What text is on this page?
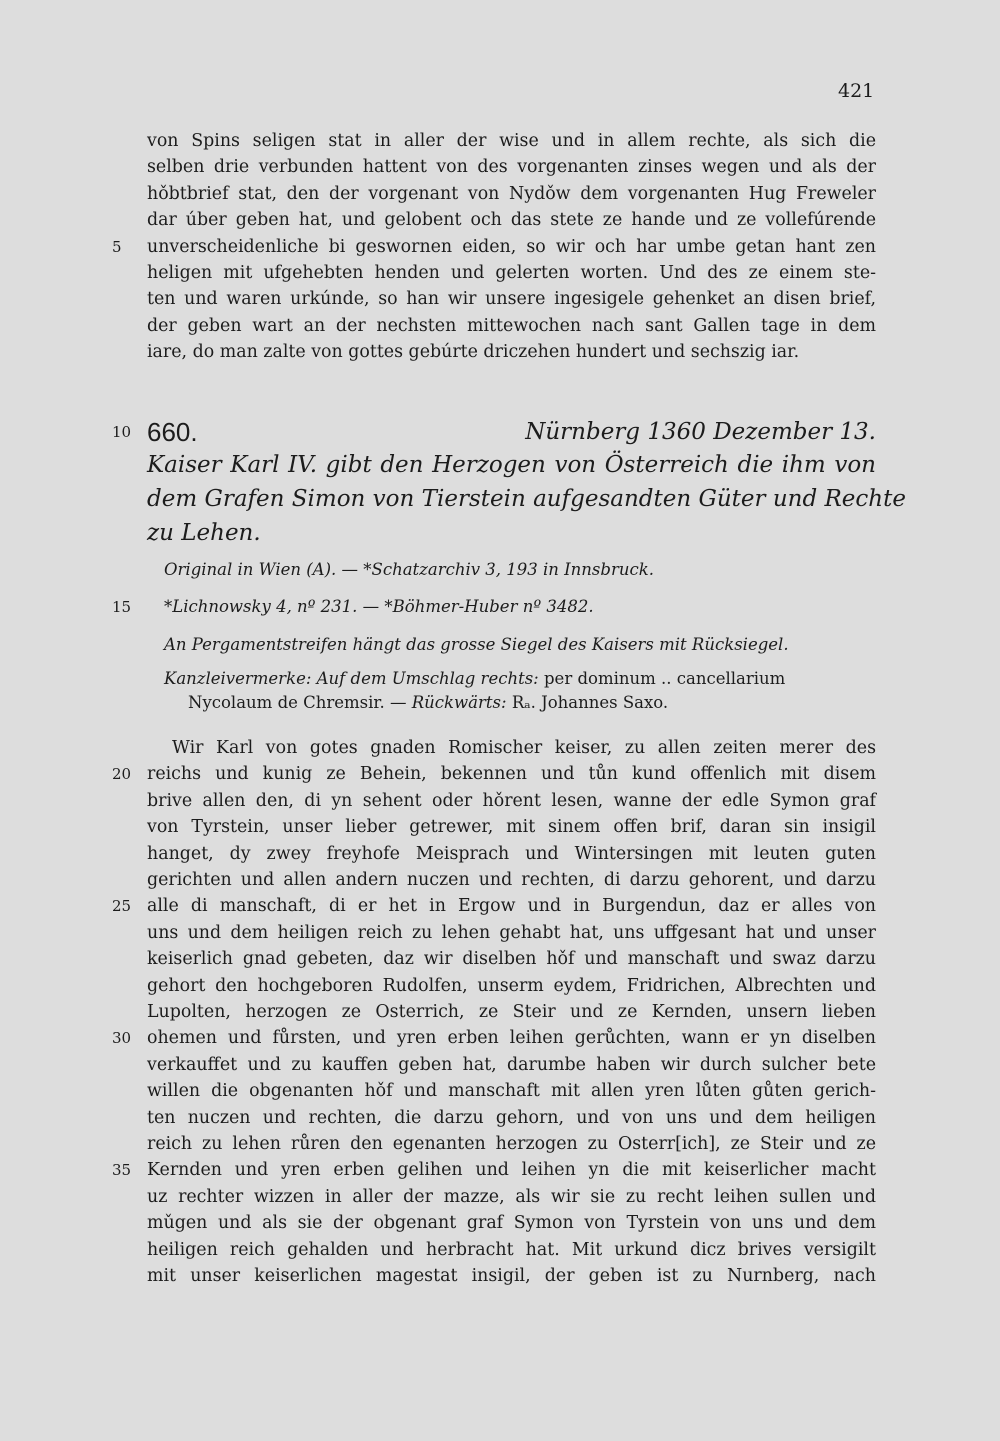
421
von Spins seligen stat in aller der wise und in allem rechte, als sich die
selben drie verbunden hattent von des vorgenanten zinses wegen und als der
hǒbtbrief stat, den der vorgenant von Nydǒw dem vorgenanten Hug Freweler
dar úber geben hat, und gelobent och das stete ze hande und ze vollefúrende
5	unverscheidenliche bi geswornen eiden, so wir och har umbe getan hant zen
heligen mit ufgehebten henden und gelerten worten. Und des ze einem ste-
ten und waren urkúnde, so han wir unsere ingesigele gehenket an disen brief,
der geben wart an der nechsten mittewochen nach sant Gallen tage in dem
iare, do man zalte von gottes gebúrte driczehen hundert und sechszig iar.
10 660.	Nürnberg 1360 Dezember 13.
Kaiser Karl IV. gibt den Herzogen von Österreich die ihm von
dem Grafen Simon von Tierstein aufgesandten Güter und Rechte
zu Lehen.
Original in Wien (A). — *Schatzarchiv 3, 193 in Innsbruck.
15	*Lichnowsky 4, nº 231. — *Böhmer-Huber nº 3482.
An Pergamentstreifen hängt das grosse Siegel des Kaisers mit Rücksiegel.
Kanzleivermerke: Auf dem Umschlag rechts: per dominum .. cancellarium
Nycolaum de Chremsir. — Rückwärts: Rₐ. Johannes Saxo.
Wir Karl von gotes gnaden Romischer keiser, zu allen zeiten merer des
20 reichs und kunig ze Behein, bekennen und tůn kund offenlich mit disem
brive allen den, di yn sehent oder hǒrent lesen, wanne der edle Symon graf
von Tyrstein, unser lieber getrewer, mit sinem offen brif, daran sin insigil
hanget, dy zwey freyhofe Meisprach und Wintersingen mit leuten guten
gerichten und allen andern nuczen und rechten, di darzu gehorent, und darzu
25 alle di manschaft, di er het in Ergow und in Burgendun, daz er alles von
uns und dem heiligen reich zu lehen gehabt hat, uns uffgesant hat und unser
keiserlich gnad gebeten, daz wir diselben hǒf und manschaft und swaz darzu
gehort den hochgeboren Rudolfen, unserm eydem, Fridrichen, Albrechten und
Lupolten, herzogen ze Osterrich, ze Steir und ze Kernden, unsern lieben
30 ohemen und fůrsten, und yren erben leihen gerůchten, wann er yn diselben
verkauffet und zu kauffen geben hat, darumbe haben wir durch sulcher bete
willen die obgenanten hǒf und manschaft mit allen yren lůten gůten gerich-
ten nuczen und rechten, die darzu gehorn, und von uns und dem heiligen
reich zu lehen růren den egenanten herzogen zu Osterr[ich], ze Steir und ze
35 Kernden und yren erben gelihen und leihen yn die mit keiserlicher macht
uz rechter wizzen in aller der mazze, als wir sie zu recht leihen sullen und
mǔgen und als sie der obgenant graf Symon von Tyrstein von uns und dem
heiligen reich gehalden und herbracht hat. Mit urkund dicz brives versigilt
mit unser keiserlichen magestat insigil, der geben ist zu Nurnberg, nach
